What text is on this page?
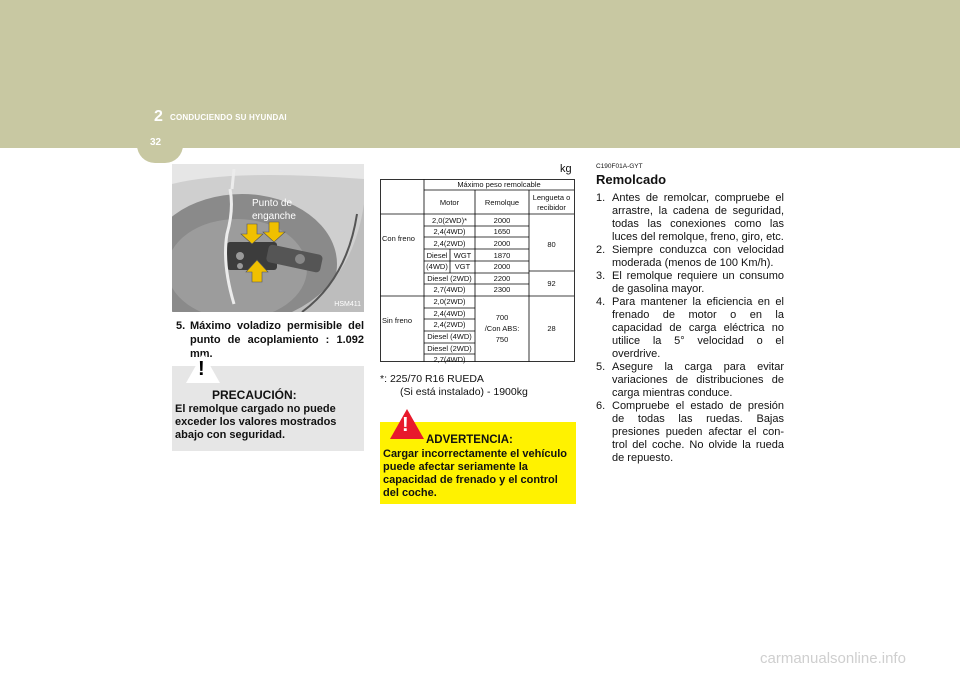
2 CONDUCIENDO SU HYUNDAI
32
Punto de
enganche
HSM411
5. Máximo voladizo permisible del punto de acoplamiento : 1.092 mm.
!
PRECAUCIÓN:
El remolque cargado no puede exceder los valores mostrados abajo con seguridad.
kg
Máximo peso remolcable
Motor	Remolque
Lengueta o recibidor
Con freno
Sin freno
2,0(2WD)*
2,4(4WD)
2,4(2WD)
Diesel WGT
(4WD) VGT
Diesel (2WD)
2,7(4WD)
2000
1650
2000
1870
2000
2200
2300
2,0(2WD)
2,4(4WD)
2,4(2WD)
Diesel (4WD)
Diesel (2WD)
2,7(4WD)
700
/Con ABS:
750
80
92
28
*: 225/70 R16 RUEDA
(Si está instalado) - 1900kg
!
ADVERTENCIA:
Cargar incorrectamente el vehículo puede afectar seriamente la capacidad de frenado y el control del coche.
C190F01A-GYT
Remolcado
1. Antes de remolcar, compruebe el arrastre, la cadena de seguridad, todas las conexiones como las luces del remolque, freno, giro, etc.
2. Siempre conduzca con velocidad moderada (menos de 100 Km/h).
3. El remolque requiere un consumo de gasolina mayor.
4. Para mantener la eficiencia en el frenado de motor o en la capacidad de carga eléctrica no utilice la 5° velocidad o el overdrive.
5. Asegure la carga para evitar variaciones de distribuciones de carga mientras conduce.
6. Compruebe el estado de presión de todas las ruedas. Bajas presiones pueden afectar el con-trol del coche. No olvide la rueda de repuesto.
carmanualsonline.info
